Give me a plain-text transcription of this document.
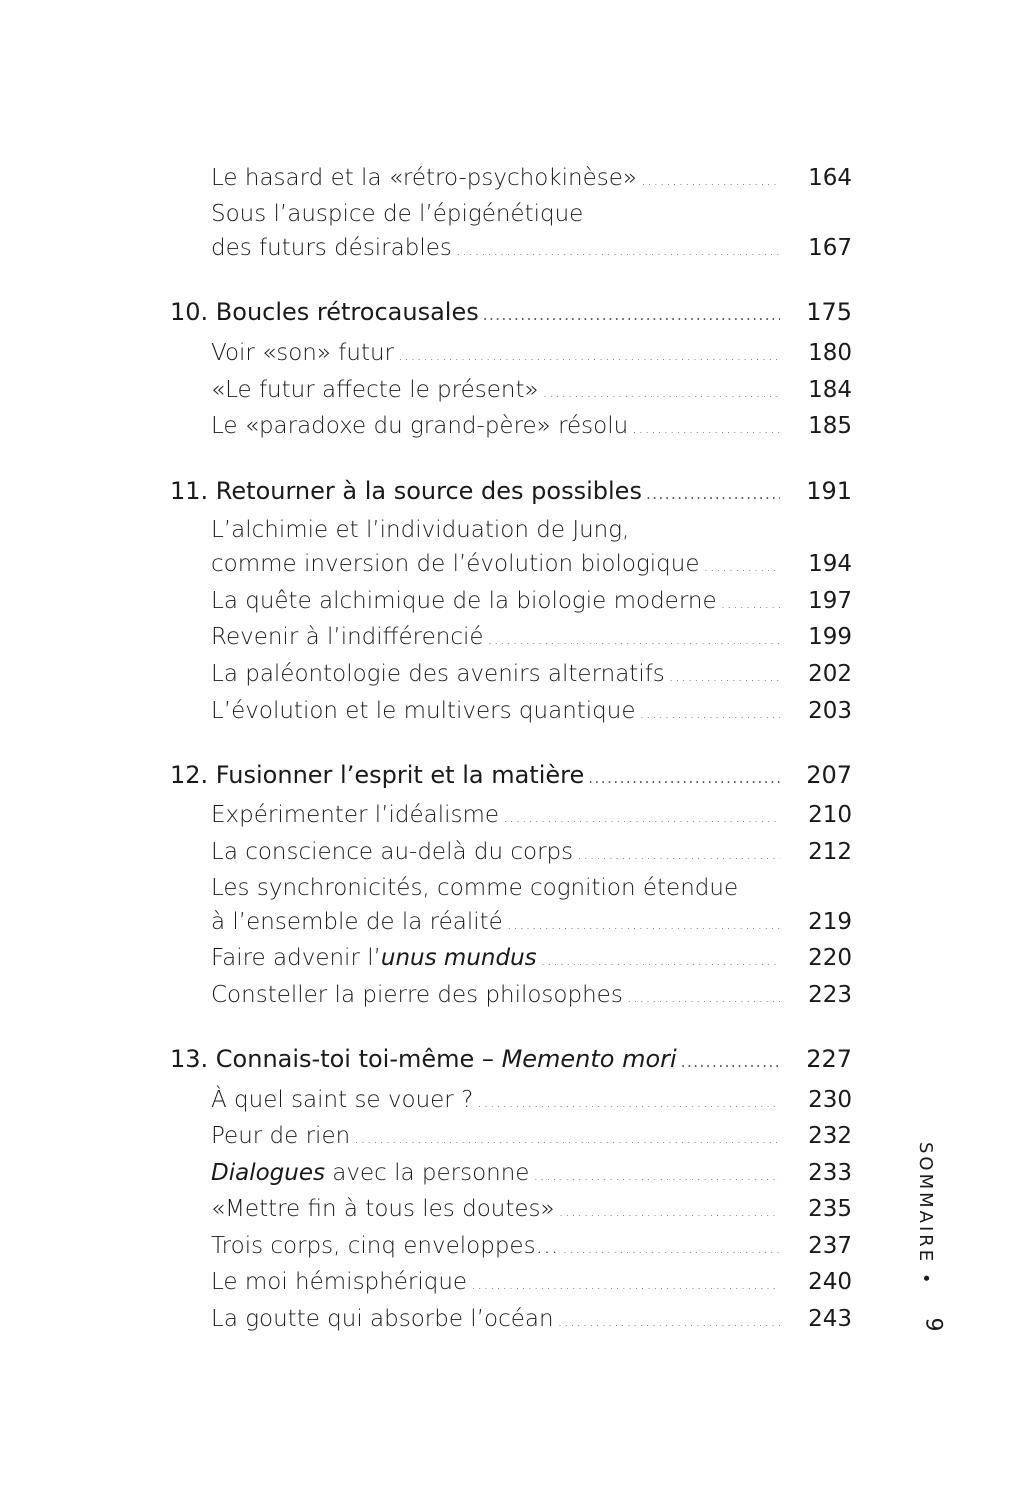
Le hasard et la «rétro-psychokinèse» .....	164
Sous l’auspice de l’épigénétique
des futurs désirables .....	167
10. Boucles rétrocausales .....	175
Voir «son» futur .....	180
«Le futur affecte le présent» .....	184
Le «paradoxe du grand-père» résolu .....	185
11. Retourner à la source des possibles .....	191
L’alchimie et l’individuation de Jung,
comme inversion de l’évolution biologique .....	194
La quête alchimique de la biologie moderne .....	197
Revenir à l’indifférencié .....	199
La paléontologie des avenirs alternatifs .....	202
L’évolution et le multivers quantique .....	203
12. Fusionner l’esprit et la matière .....	207
Expérimenter l’idéalisme .....	210
La conscience au-delà du corps .....	212
Les synchronicités, comme cognition étendue
à l’ensemble de la réalité .....	219
Faire advenir l’unus mundus .....	220
Consteller la pierre des philosophes .....	223
13. Connais-toi toi-même – Memento mori .....	227
À quel saint se vouer ? .....	230
Peur de rien .....	232
Dialogues avec la personne .....	233
«Mettre fin à tous les doutes» .....	235
Trois corps, cinq enveloppes… .....	237
Le moi hémisphérique .....	240
La goutte qui absorbe l’océan .....	243
SOMMAIRE •
9
